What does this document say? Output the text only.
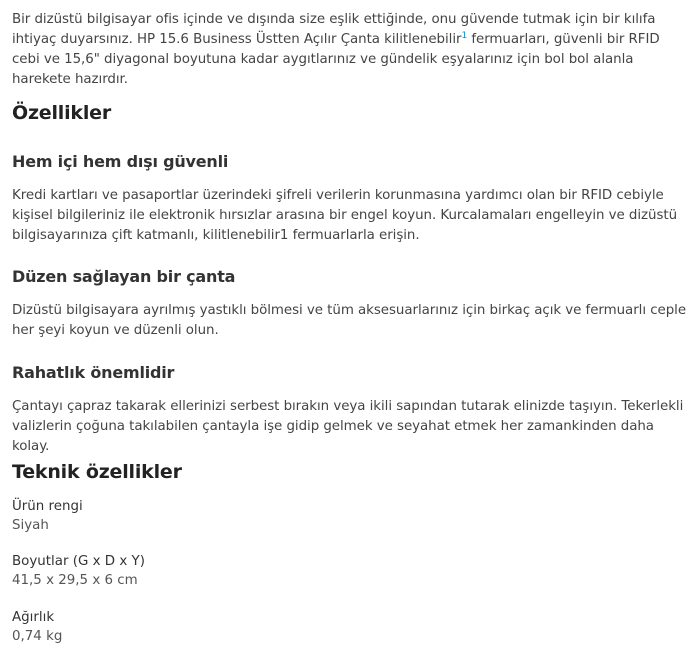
Bir dizüstü bilgisayar ofis içinde ve dışında size eşlik ettiğinde, onu güvende tutmak için bir kılıfa ihtiyaç duyarsınız. HP 15.6 Business Üstten Açılır Çanta kilitlenebilir$^1$ fermuarları, güvenli bir RFID cebi ve 15,6" diyagonal boyutuna kadar aygıtlarınız ve gündelik eşyalarınız için bol bol alanla harekete hazırdır.

Özellikler
Hem içi hem dışı güvenli

Kredi kartları ve pasaportlar üzerindeki şifreli verilerin korunmasına yardımcı olan bir RFID cebiyle kişisel bilgileriniz ile elektronik hırsızlar arasına bir engel koyun. Kurcalamaları engelleyin ve dizüstü bilgisayarınıza çift katmanlı, kilitlenebilir1 fermuarlarla erişin.

Düzen sağlayan bir çanta

Dizüstü bilgisayara ayrılmış yastıklı bölmesi ve tüm aksesuarlarınız için birkaç açık ve fermuarlı ceple her şeyi koyun ve düzenli olun.

Rahatlık önemlidir

Çantayı çapraz takarak ellerinizi serbest bırakın veya ikili sapından tutarak elinizde taşıyın. Tekerlekli valizlerin çoğuna takılabilen çantayla işe gidip gelmek ve seyahat etmek her zamankinden daha kolay.

Teknik özellikler
Ürün rengi
Siyah
Boyutlar (G x D x Y)
41,5 x 29,5 x 6 cm
Ağırlık
0,74 kg
